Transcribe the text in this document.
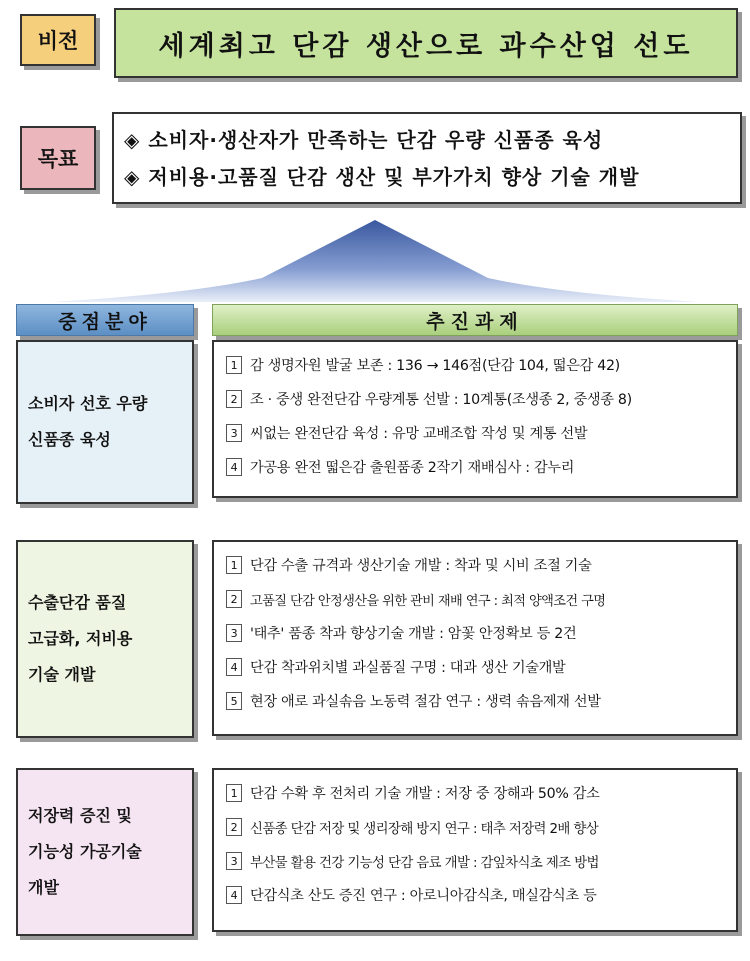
비전	세계최고 단감 생산으로 과수산업 선도
목표
◈ 소비자·생산자가 만족하는 단감 우량 신품종 육성
◈ 저비용·고품질 단감 생산 및 부가가치 향상 기술 개발
중점분야	추진과제
소비자 선호 우량
신품종 육성
1 감 생명자원 발굴 보존 : 136 → 146점(단감 104, 떫은감 42)
2 조 · 중생 완전단감 우량계통 선발 : 10계통(조생종 2, 중생종 8)
3 씨없는 완전단감 육성 : 유망 교배조합 작성 및 계통 선발
4 가공용 완전 떫은감 출원품종 2작기 재배심사 : 감누리
수출단감 품질
고급화, 저비용
기술 개발
1 단감 수출 규격과 생산기술 개발 : 착과 및 시비 조절 기술
2 고품질 단감 안정생산을 위한 관비 재배 연구 : 최적 양액조건 구명
3 '태추' 품종 착과 향상기술 개발 : 암꽃 안정확보 등 2건
4 단감 착과위치별 과실품질 구명 : 대과 생산 기술개발
5 현장 애로 과실솎음 노동력 절감 연구 : 생력 솎음제재 선발
저장력 증진 및
기능성 가공기술
개발
1 단감 수확 후 전처리 기술 개발 : 저장 중 장해과 50% 감소
2 신품종 단감 저장 및 생리장해 방지 연구 : 태추 저장력 2배 향상
3 부산물 활용 건강 기능성 단감 음료 개발 : 감잎차식초 제조 방법
4 단감식초 산도 증진 연구 : 아로니아감식초, 매실감식초 등
